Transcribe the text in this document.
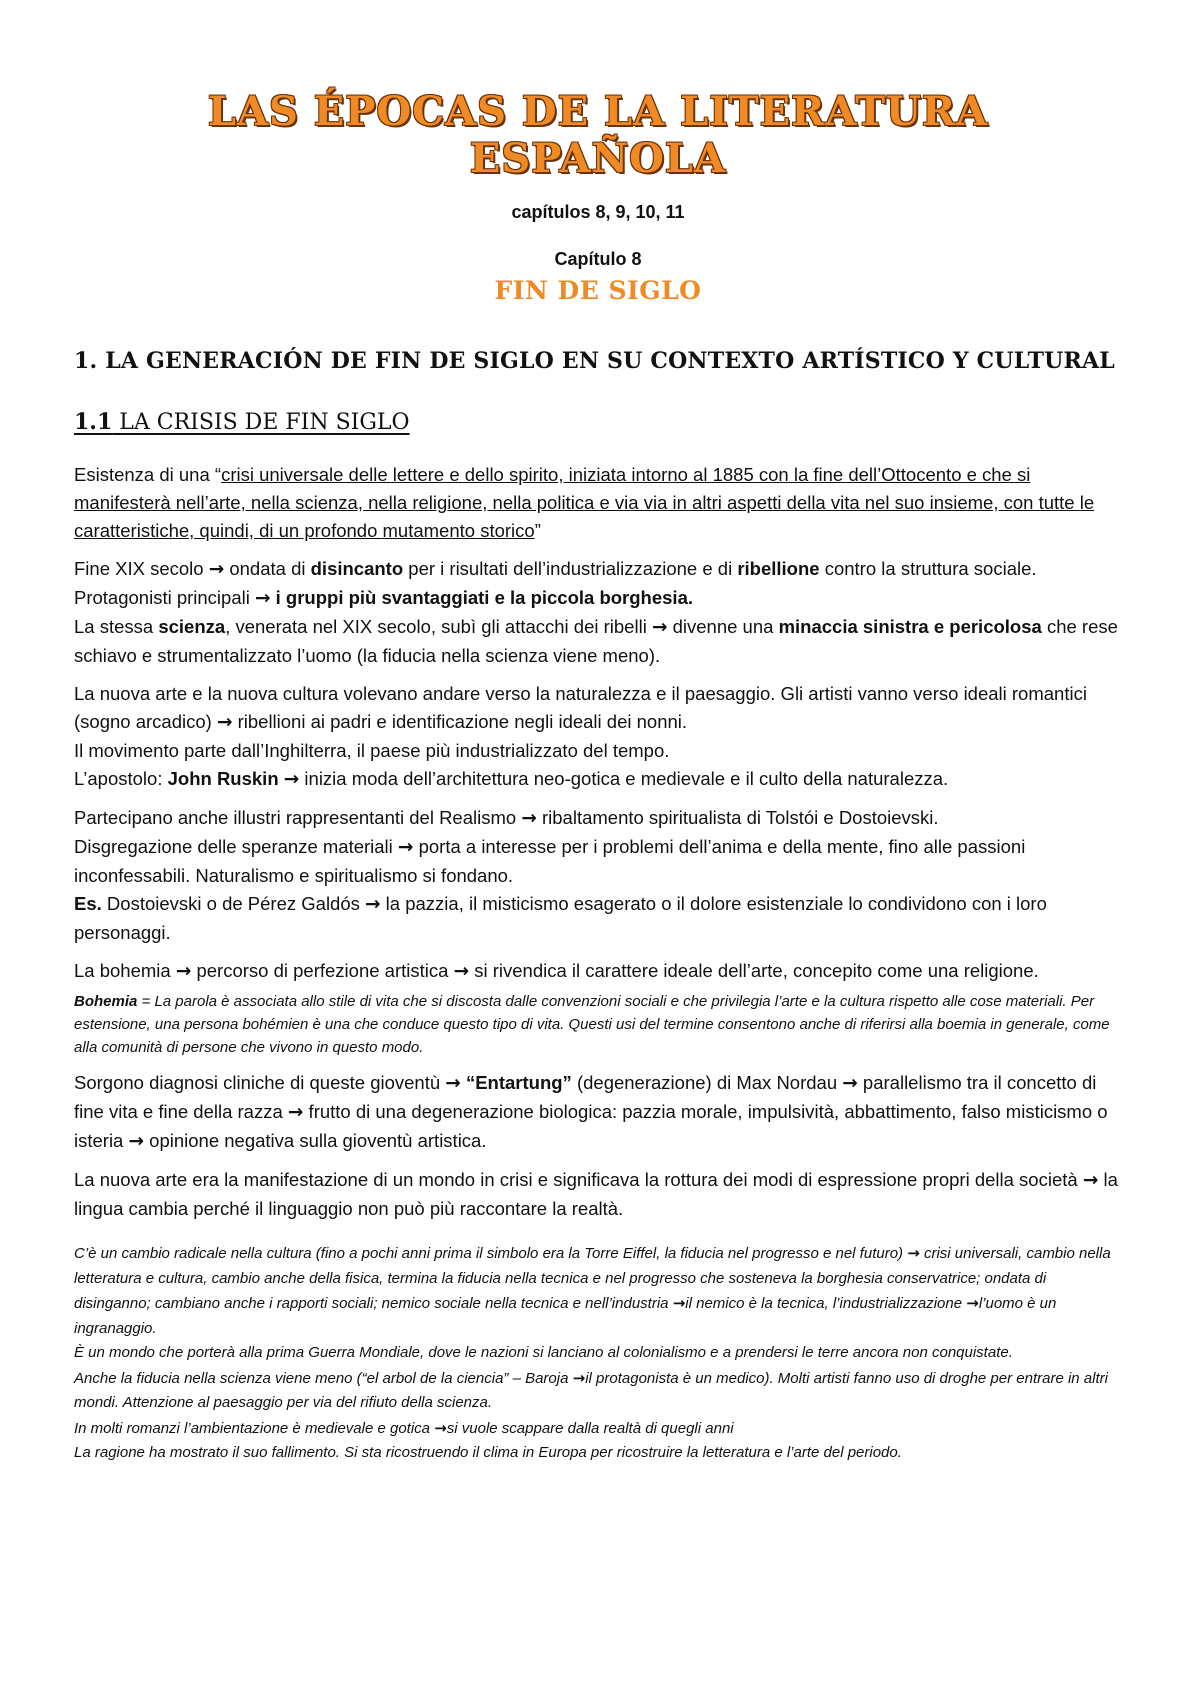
LAS ÉPOCAS DE LA LITERATURA ESPAÑOLA
capítulos 8, 9, 10, 11
Capítulo 8
FIN DE SIGLO
1. LA GENERACIÓN DE FIN DE SIGLO EN SU CONTEXTO ARTÍSTICO Y CULTURAL
1.1 LA CRISIS DE FIN SIGLO
Esistenza di una “crisi universale delle lettere e dello spirito, iniziata intorno al 1885 con la fine dell’Ottocento e che si manifesterà nell’arte, nella scienza, nella religione, nella politica e via via in altri aspetti della vita nel suo insieme, con tutte le caratteristiche, quindi, di un profondo mutamento storico”
Fine XIX secolo → ondata di disincanto per i risultati dell’industrializzazione e di ribellione contro la struttura sociale.
Protagonisti principali → i gruppi più svantaggiati e la piccola borghesia.
La stessa scienza, venerata nel XIX secolo, subì gli attacchi dei ribelli → divenne una minaccia sinistra e pericolosa che rese schiavo e strumentalizzato l’uomo (la fiducia nella scienza viene meno).
La nuova arte e la nuova cultura volevano andare verso la naturalezza e il paesaggio. Gli artisti vanno verso ideali romantici (sogno arcadico) → ribellioni ai padri e identificazione negli ideali dei nonni.
Il movimento parte dall’Inghilterra, il paese più industrializzato del tempo.
L’apostolo: John Ruskin → inizia moda dell’architettura neo-gotica e medievale e il culto della naturalezza.
Partecipano anche illustri rappresentanti del Realismo → ribaltamento spiritualista di Tolstói e Dostoievski.
Disgregazione delle speranze materiali → porta a interesse per i problemi dell’anima e della mente, fino alle passioni inconfessabili. Naturalismo e spiritualismo si fondano.
Es. Dostoievski o de Pérez Galdós → la pazzia, il misticismo esagerato o il dolore esistenziale lo condividono con i loro personaggi.
La bohemia → percorso di perfezione artistica → si rivendica il carattere ideale dell’arte, concepito come una religione.
Bohemia = La parola è associata allo stile di vita che si discosta dalle convenzioni sociali e che privilegia l’arte e la cultura rispetto alle cose materiali. Per estensione, una persona bohémien è una che conduce questo tipo di vita. Questi usi del termine consentono anche di riferirsi alla boemia in generale, come alla comunità di persone che vivono in questo modo.
Sorgono diagnosi cliniche di queste gioventù → “Entartung” (degenerazione) di Max Nordau → parallelismo tra il concetto di fine vita e fine della razza → frutto di una degenerazione biologica: pazzia morale, impulsività, abbattimento, falso misticismo o isteria → opinione negativa sulla gioventù artistica.
La nuova arte era la manifestazione di un mondo in crisi e significava la rottura dei modi di espressione propri della società → la lingua cambia perché il linguaggio non può più raccontare la realtà.
C’è un cambio radicale nella cultura (fino a pochi anni prima il simbolo era la Torre Eiffel, la fiducia nel progresso e nel futuro) → crisi universali, cambio nella letteratura e cultura, cambio anche della fisica, termina la fiducia nella tecnica e nel progresso che sosteneva la borghesia conservatrice; ondata di disinganno; cambiano anche i rapporti sociali; nemico sociale nella tecnica e nell’industria →il nemico è la tecnica, l’industrializzazione →l’uomo è un ingranaggio.
È un mondo che porterà alla prima Guerra Mondiale, dove le nazioni si lanciano al colonialismo e a prendersi le terre ancora non conquistate.
Anche la fiducia nella scienza viene meno (“el arbol de la ciencia” – Baroja →il protagonista è un medico). Molti artisti fanno uso di droghe per entrare in altri mondi. Attenzione al paesaggio per via del rifiuto della scienza.
In molti romanzi l’ambientazione è medievale e gotica →si vuole scappare dalla realtà di quegli anni
La ragione ha mostrato il suo fallimento. Si sta ricostruendo il clima in Europa per ricostruire la letteratura e l’arte del periodo.
